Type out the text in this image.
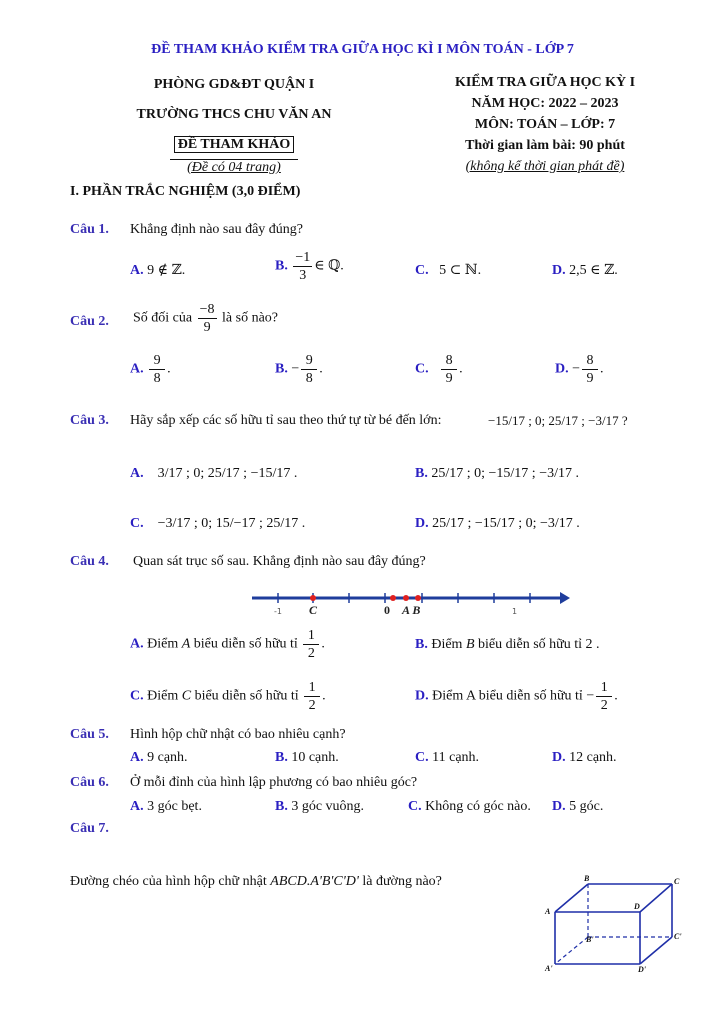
ĐỀ THAM KHẢO KIỂM TRA GIỮA HỌC KÌ I MÔN TOÁN - LỚP 7
PHÒNG GD&ĐT QUẬN I
TRƯỜNG THCS CHU VĂN AN
ĐỀ THAM KHẢO
(Đề có 04 trang)
KIỂM TRA GIỮA HỌC KỲ I
NĂM HỌC: 2022 – 2023
MÔN: TOÁN – LỚP: 7
Thời gian làm bài: 90 phút
(không kể thời gian phát đề)
I. PHẦN TRẮC NGHIỆM (3,0 ĐIỂM)
Câu 1. Khẳng định nào sau đây đúng?
A. 9 ∉ ℤ.	B. $\frac{-1}{3}$ ∈ ℚ.	C. 5 ⊂ ℕ.	D. 2,5 ∈ ℤ.
Câu 2. Số đối của $\frac{-8}{9}$ là số nào?
A. $\frac{9}{8}$ .	B. − $\frac{9}{8}$ .	C. $\frac{8}{9}$ .	D. − $\frac{8}{9}$ .
Câu 3. Hãy sắp xếp các số hữu tỉ sau theo thứ tự từ bé đến lớn:	−15/17 ; 0; 25/17 ; −3/17 ?
A. 3/17 ; 0; 25/17 ; −15/17 .	B. 25/17 ; 0; −15/17 ; −3/17 .
C. −3/17 ; 0; 15/−17 ; 25/17 .	D. 25/17 ; −15/17 ; 0; −3/17 .
Câu 4. Quan sát trục số sau. Khẳng định nào sau đây đúng?
-1 C	0 A B	1
A. Điểm A biểu diễn số hữu tỉ $\frac{1}{2}$ .	B. Điểm B biểu diễn số hữu tỉ 2 .
C. Điểm C biểu diễn số hữu tỉ $\frac{1}{2}$ .	D. Điểm A biểu diễn số hữu tỉ − $\frac{1}{2}$ .
Câu 5. Hình hộp chữ nhật có bao nhiêu cạnh?
A. 9 cạnh.	B. 10 cạnh.	C. 11 cạnh.	D. 12 cạnh.
Câu 6. Ở mỗi đỉnh của hình lập phương có bao nhiêu góc?
A. 3 góc bẹt.	B. 3 góc vuông.	C. Không có góc nào. D. 5 góc.
Câu 7.
Đường chéo của hình hộp chữ nhật ABCD.A'B'C'D' là đường nào?	B	C
A
D
B'	C'
A'	D'
